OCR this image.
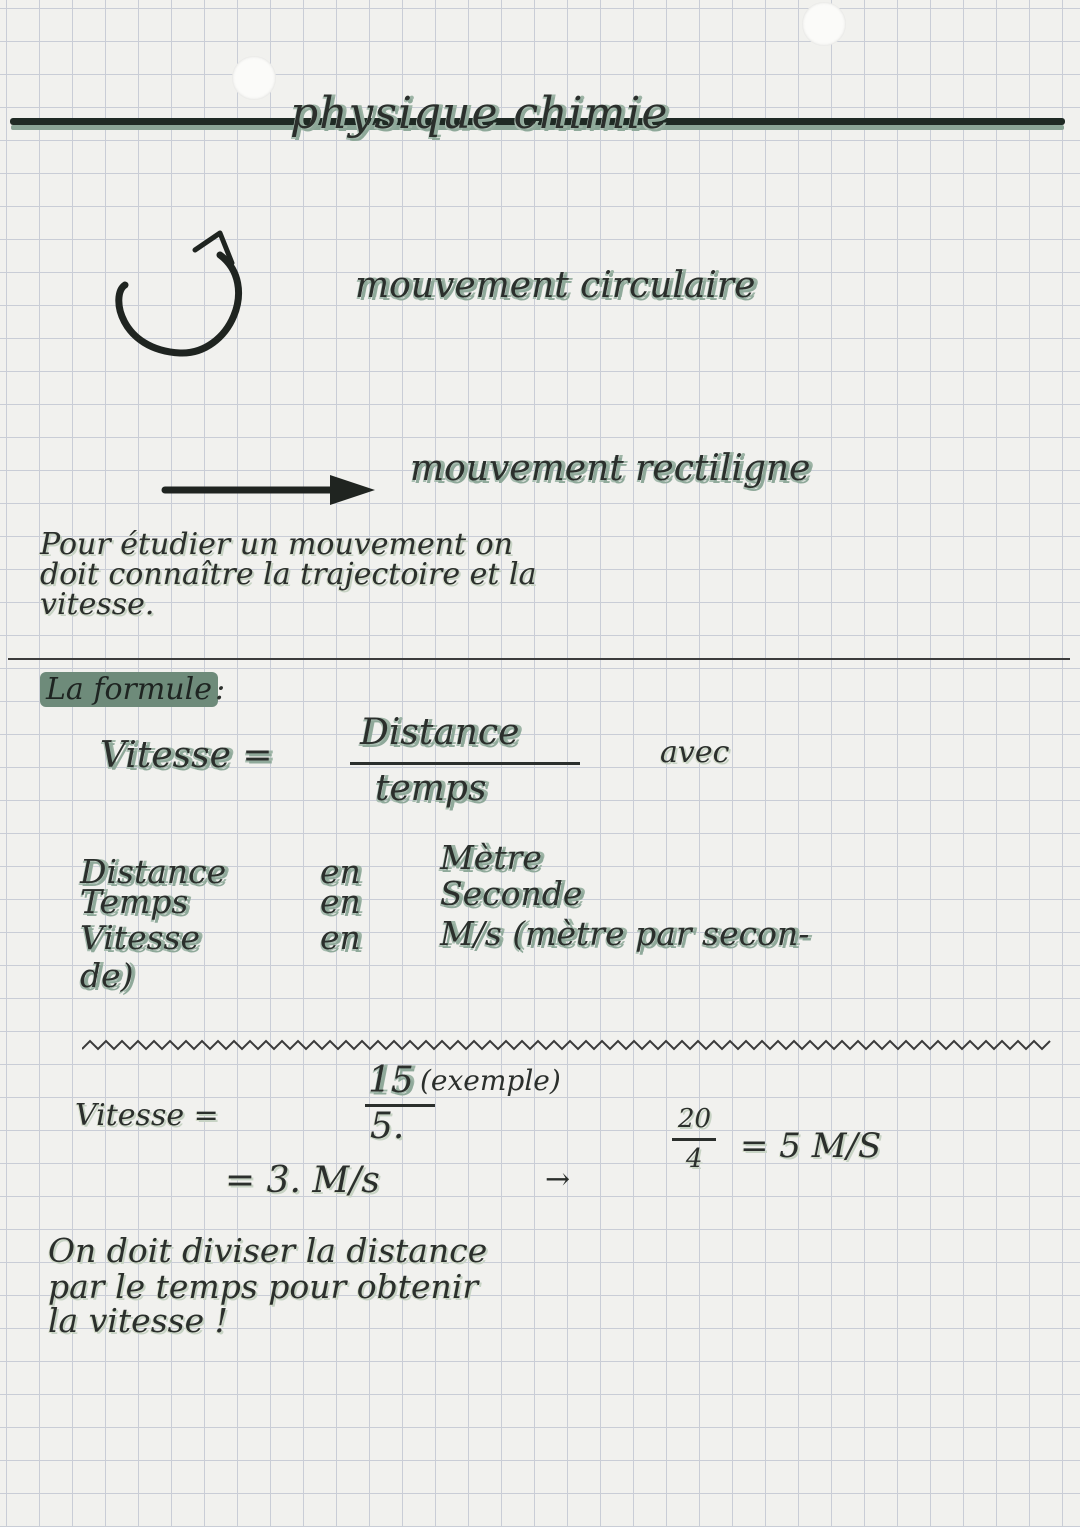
physique chimie
mouvement circulaire
mouvement rectiligne
Pour étudier un mouvement on
doit connaître la trajectoire et la
vitesse.
La formule :
Vitesse =
Distance
temps
avec
Distance	en Mètre
Temps	en Seconde
Vitesse	en M/s (mètre par secon-
de)
Vitesse =
15 (exemple)
5.
= 3. M/s	→
20
4 = 5 M/S
On doit diviser la distance
par le temps pour obtenir
la vitesse !
